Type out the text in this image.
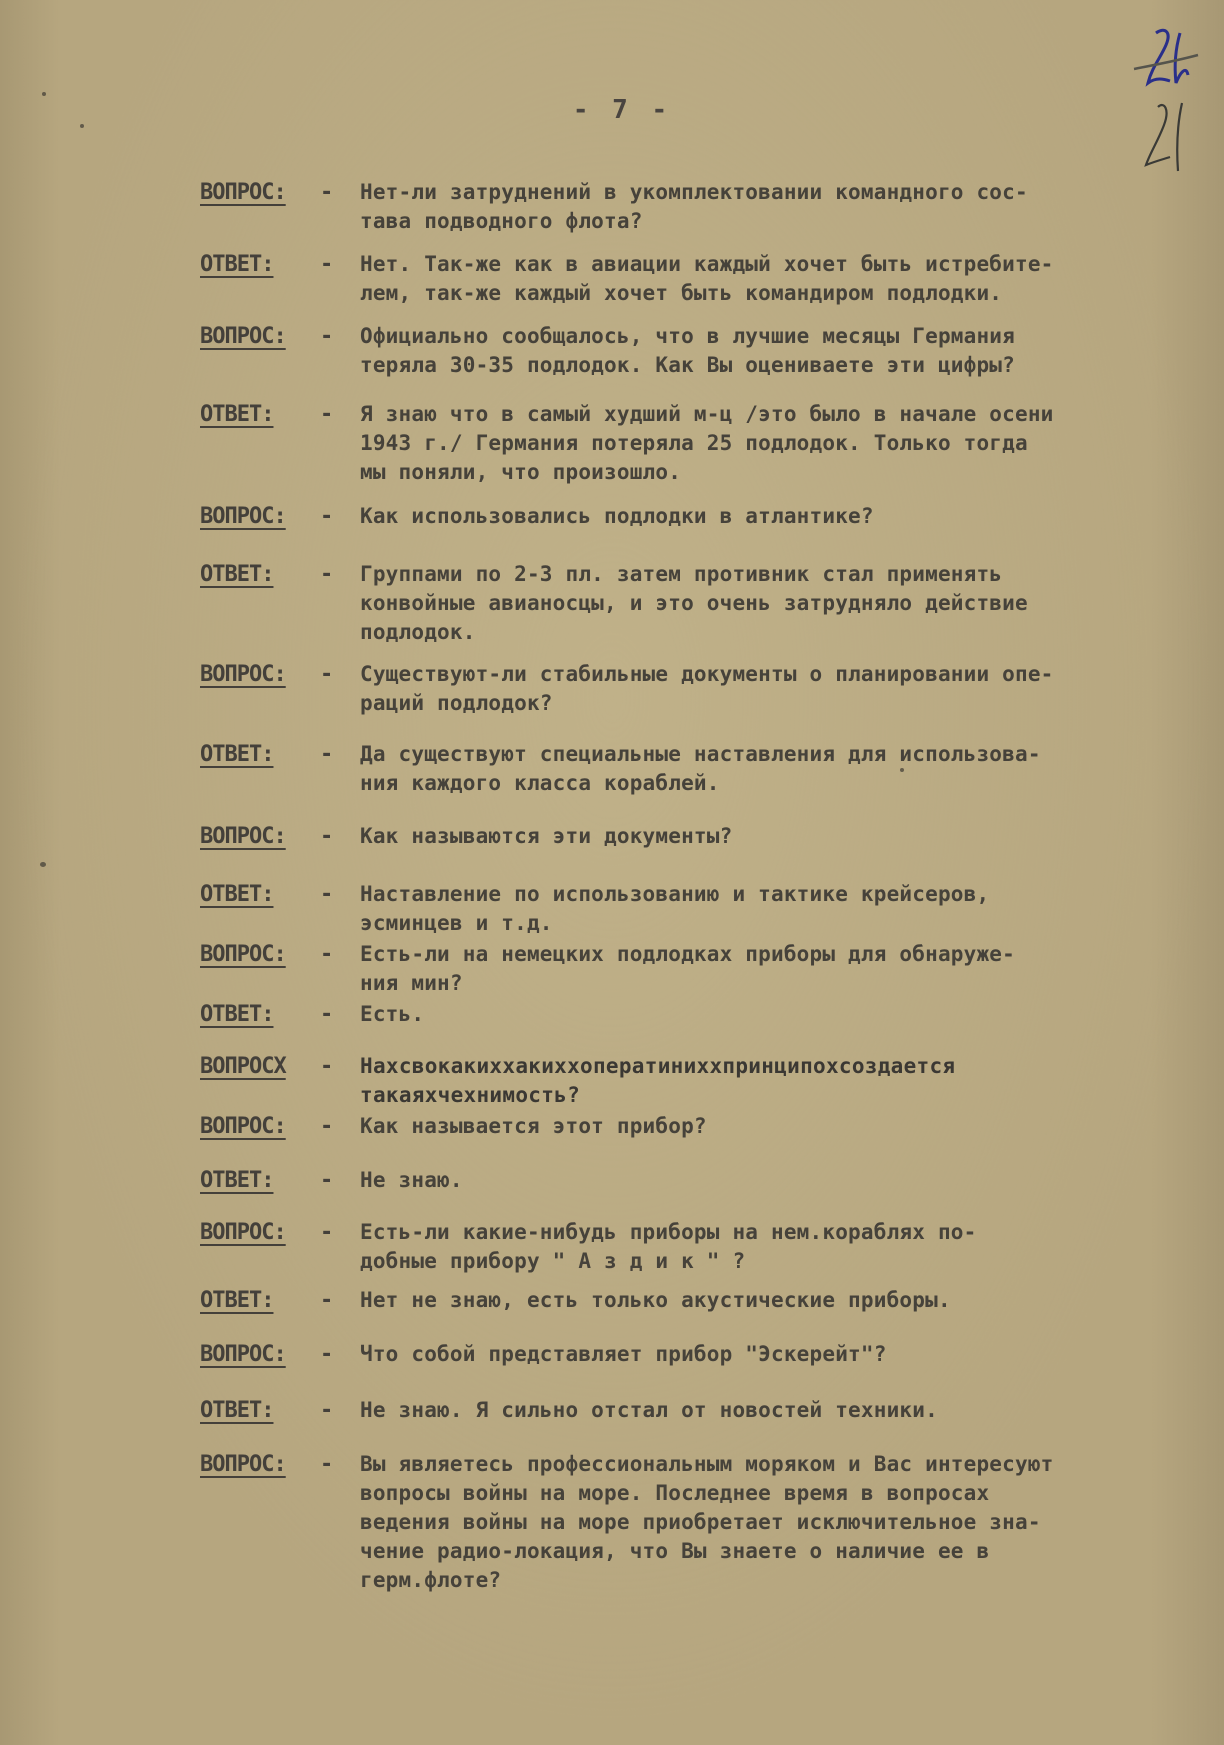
- 7 -
ВОПРОС:	-	Нет-ли затруднений в укомплектовании командного сос-
тава подводного флота?
ОТВЕТ:	-	Нет. Так-же как в авиации каждый хочет быть истребите-
лем, так-же каждый хочет быть командиром подлодки.
ВОПРОС:	-	Официально сообщалось, что в лучшие месяцы Германия
теряла 30-35 подлодок. Как Вы оцениваете эти цифры?
ОТВЕТ:	-	Я знаю что в самый худший м-ц /это было в начале осени
1943 г./ Германия потеряла 25 подлодок. Только тогда
мы поняли, что произошло.
ВОПРОС:	-	Как использовались подлодки в атлантике?
ОТВЕТ:	-	Группами по 2-3 пл. затем противник стал применять
конвойные авианосцы, и это очень затрудняло действие
подлодок.
ВОПРОС:	-	Существуют-ли стабильные документы о планировании опе-
раций подлодок?
ОТВЕТ:	-	Да существуют специальные наставления для использова-
ния каждого класса кораблей.
ВОПРОС:	-	Как называются эти документы?
ОТВЕТ:	-	Наставление по использованию и тактике крейсеров,
эсминцев и т.д.
ВОПРОС:	-	Есть-ли на немецких подлодках приборы для обнаруже-
ния мин?
ОТВЕТ:	-	Есть.
ВОПРОСХ	-	Нахсвокакиххакиххоператиниххпринципохсоздается
такаяхчехнимость?
ВОПРОС:	-	Как называется этот прибор?
ОТВЕТ:	-	Не знаю.
ВОПРОС:	-	Есть-ли какие-нибудь приборы на нем.кораблях по-
добные прибору " А з д и к " ?
ОТВЕТ:	-	Нет не знаю, есть только акустические приборы.
ВОПРОС:	-	Что собой представляет прибор "Эскерейт"?
ОТВЕТ:	-	Не знаю. Я сильно отстал от новостей техники.
ВОПРОС:	-	Вы являетесь профессиональным моряком и Вас интересуют
вопросы войны на море. Последнее время в вопросах
ведения войны на море приобретает исключительное зна-
чение радио-локация, что Вы знаете о наличие ее в
герм.флоте?
